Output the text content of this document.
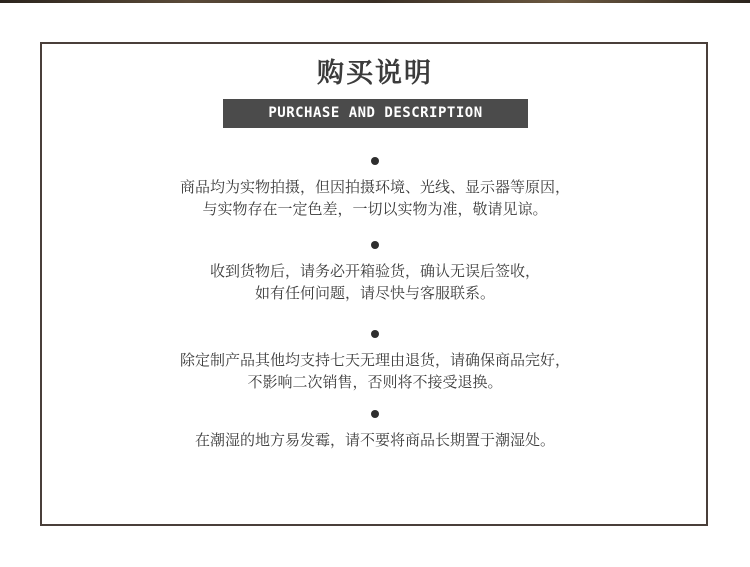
购买说明
PURCHASE AND DESCRIPTION
商品均为实物拍摄，但因拍摄环境、光线、显示器等原因，
与实物存在一定色差，一切以实物为准，敬请见谅。
收到货物后，请务必开箱验货，确认无误后签收，
如有任何问题，请尽快与客服联系。
除定制产品其他均支持七天无理由退货，请确保商品完好，
不影响二次销售，否则将不接受退换。
在潮湿的地方易发霉，请不要将商品长期置于潮湿处。
